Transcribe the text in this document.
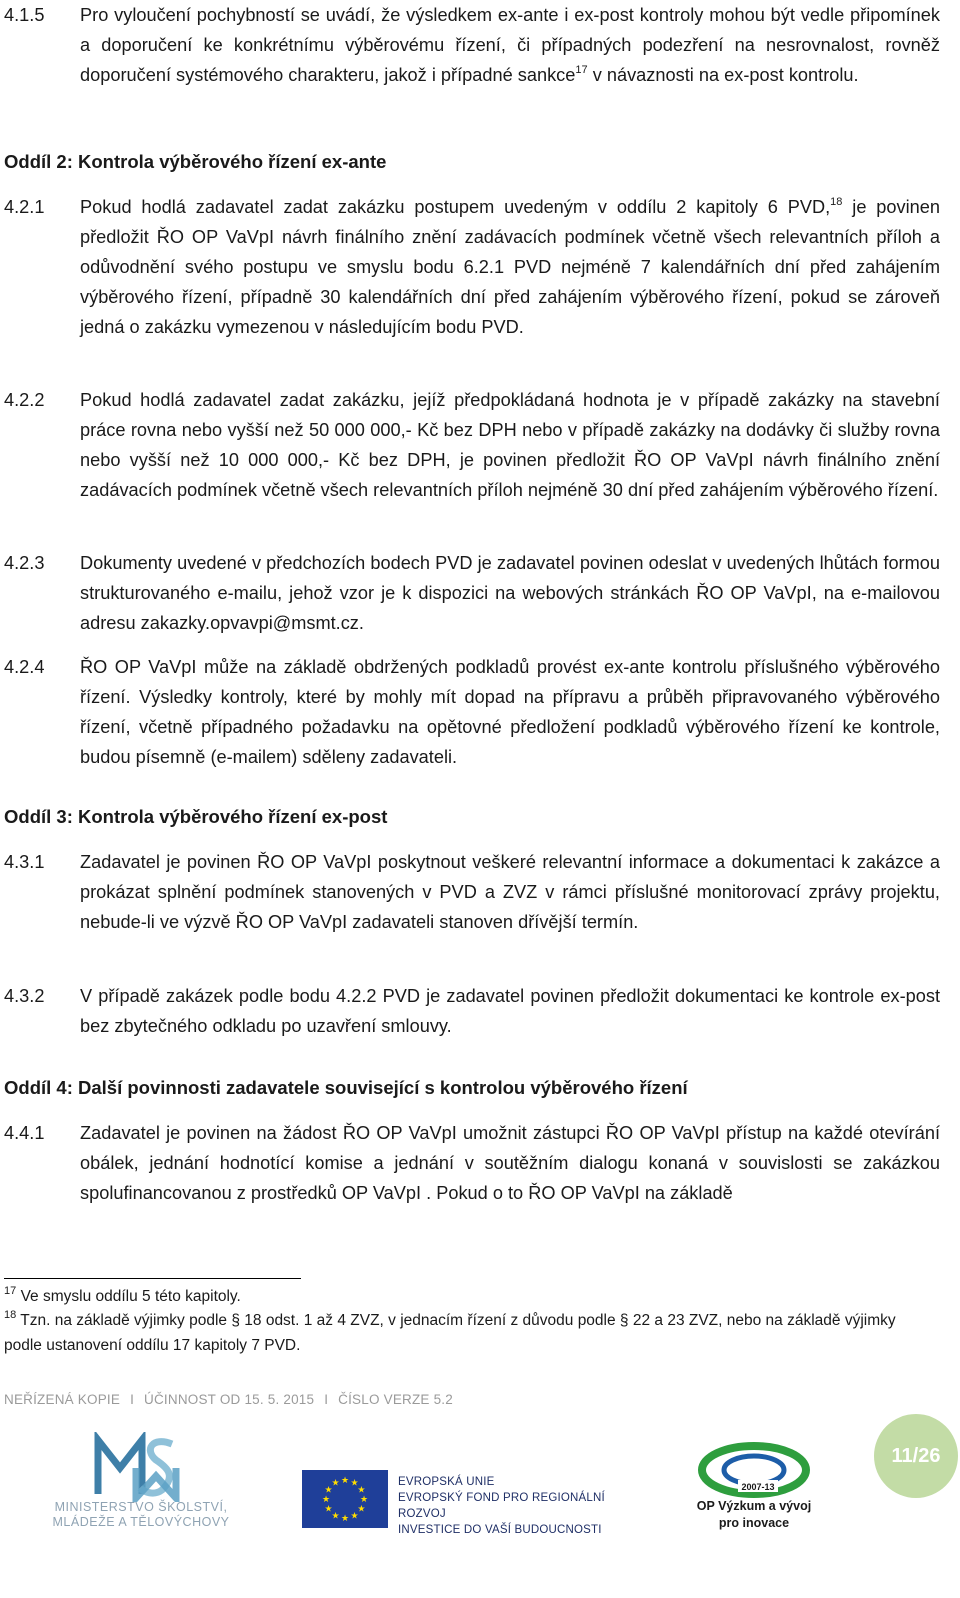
4.1.5	Pro vyloučení pochybností se uvádí, že výsledkem ex-ante i ex-post kontroly mohou být vedle připomínek a doporučení ke konkrétnímu výběrovému řízení, či případných podezření na nesrovnalost, rovněž doporučení systémového charakteru, jakož i případné sankce$^{17}$ v návaznosti na ex-post kontrolu.
Oddíl 2: Kontrola výběrového řízení ex-ante
4.2.1	Pokud hodlá zadavatel zadat zakázku postupem uvedeným v oddílu 2 kapitoly 6 PVD,$^{18}$ je povinen předložit ŘO OP VaVpI návrh finálního znění zadávacích podmínek včetně všech relevantních příloh a odůvodnění svého postupu ve smyslu bodu 6.2.1 PVD nejméně 7 kalendářních dní před zahájením výběrového řízení, případně 30 kalendářních dní před zahájením výběrového řízení, pokud se zároveň jedná o zakázku vymezenou v následujícím bodu PVD.
4.2.2	Pokud hodlá zadavatel zadat zakázku, jejíž předpokládaná hodnota je v případě zakázky na stavební práce rovna nebo vyšší než 50 000 000,- Kč bez DPH nebo v případě zakázky na dodávky či služby rovna nebo vyšší než 10 000 000,- Kč bez DPH, je povinen předložit ŘO OP VaVpI návrh finálního znění zadávacích podmínek včetně všech relevantních příloh nejméně 30 dní před zahájením výběrového řízení.
4.2.3	Dokumenty uvedené v předchozích bodech PVD je zadavatel povinen odeslat v uvedených lhůtách formou strukturovaného e-mailu, jehož vzor je k dispozici na webových stránkách ŘO OP VaVpI, na e-mailovou adresu zakazky.opvavpi@msmt.cz.
4.2.4	ŘO OP VaVpI může na základě obdržených podkladů provést ex-ante kontrolu příslušného výběrového řízení. Výsledky kontroly, které by mohly mít dopad na přípravu a průběh připravovaného výběrového řízení, včetně případného požadavku na opětovné předložení podkladů výběrového řízení ke kontrole, budou písemně (e-mailem) sděleny zadavateli.
Oddíl 3: Kontrola výběrového řízení ex-post
4.3.1	Zadavatel je povinen ŘO OP VaVpI poskytnout veškeré relevantní informace a dokumentaci k zakázce a prokázat splnění podmínek stanovených v PVD a ZVZ v rámci příslušné monitorovací zprávy projektu, nebude-li ve výzvě ŘO OP VaVpI zadavateli stanoven dřívější termín.
4.3.2	V případě zakázek podle bodu 4.2.2 PVD je zadavatel povinen předložit dokumentaci ke kontrole ex-post bez zbytečného odkladu po uzavření smlouvy.
Oddíl 4: Další povinnosti zadavatele související s kontrolou výběrového řízení
4.4.1	Zadavatel je povinen na žádost ŘO OP VaVpI umožnit zástupci ŘO OP VaVpI přístup na každé otevírání obálek, jednání hodnotící komise a jednání v soutěžním dialogu konaná v souvislosti se zakázkou spolufinancovanou z prostředků OP VaVpI . Pokud o to ŘO OP VaVpI na základě
$^{17}$ Ve smyslu oddílu 5 této kapitoly.
$^{18}$ Tzn. na základě výjimky podle § 18 odst. 1 až 4 ZVZ, v jednacím řízení z důvodu podle § 22 a 23 ZVZ, nebo na základě výjimky podle ustanovení oddílu 17 kapitoly 7 PVD.
NEŘÍZENÁ KOPIE I ÚČINNOST OD 15. 5. 2015 I ČÍSLO VERZE 5.2
MINISTERSTVO ŠKOLSTVÍ,
MLÁDEŽE A TĚLOVÝCHOVY
★ ★
★
★
★
★
★
★
★
★
★
★	EVROPSKÁ UNIE
EVROPSKÝ FOND PRO REGIONÁLNÍ ROZVOJ
INVESTICE DO VAŠÍ BUDOUCNOSTI
2007-13
OP Výzkum a vývoj
pro inovace
11/26
